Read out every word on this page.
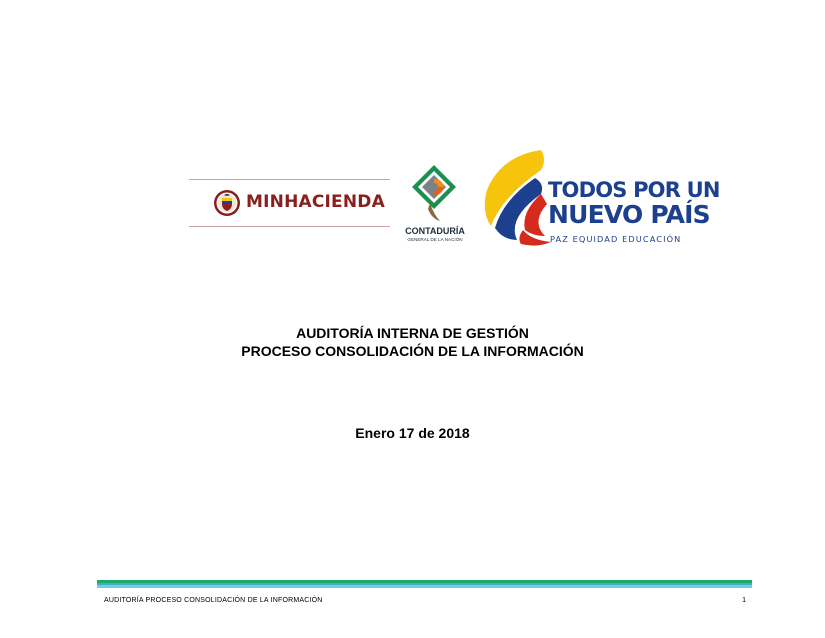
MINHACIENDA
CONTADURÍA
GENERAL DE LA NACIÓN
TODOS POR UN
NUEVO PAÍS
PAZ EQUIDAD EDUCACIÓN
AUDITORÍA INTERNA DE GESTIÓN
PROCESO CONSOLIDACIÓN DE LA INFORMACIÓN
Enero 17 de 2018
AUDITORÍA PROCESO CONSOLIDACIÓN DE LA INFORMACIÓN	1
